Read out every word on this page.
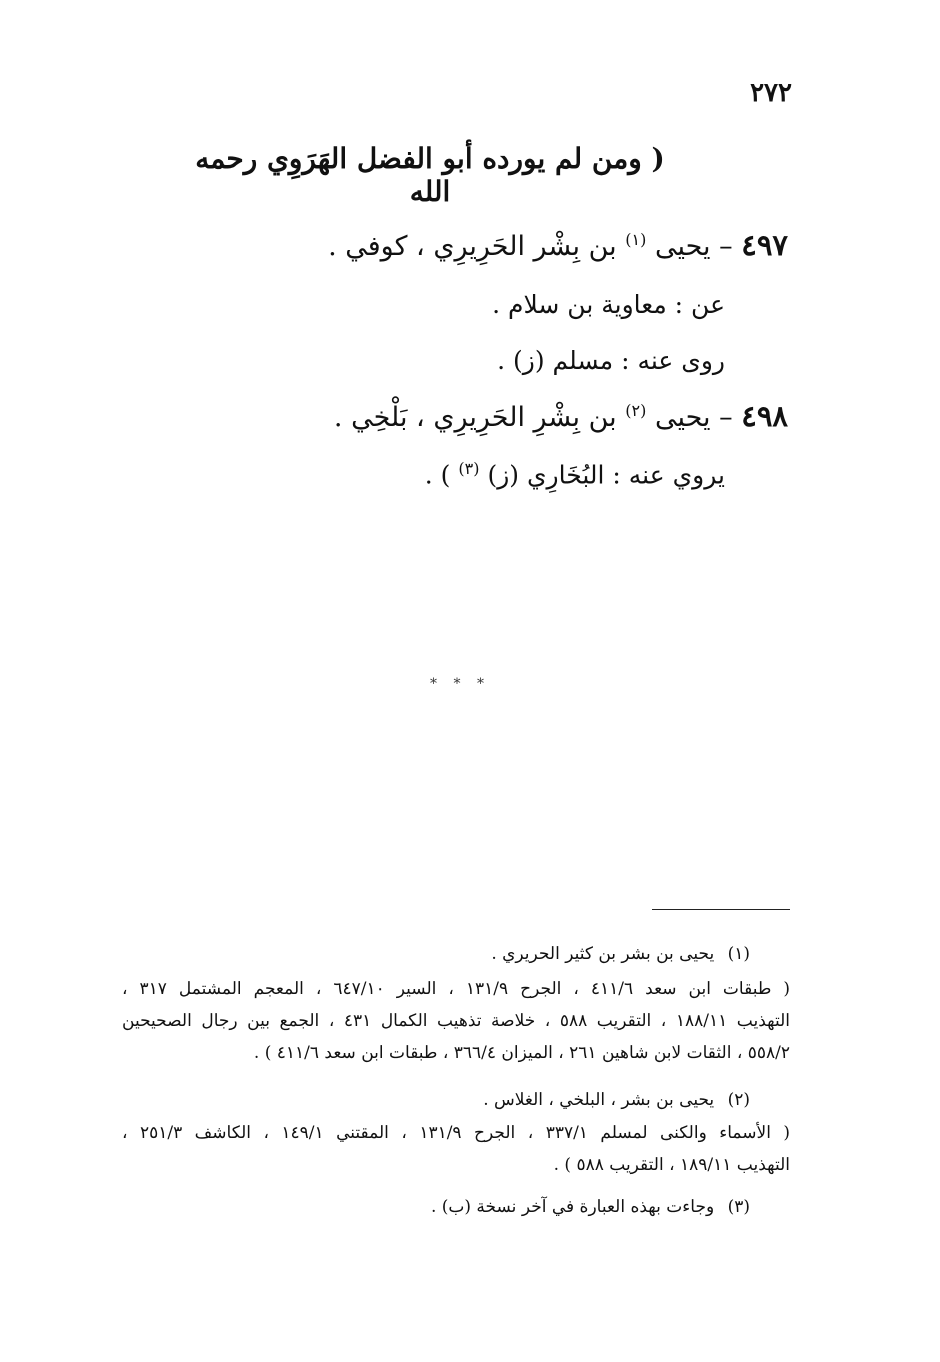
٢٧٢
( ومن لم يورده أبو الفضل الهَرَوِي رحمه الله
٤٩٧ – يحيى $^{(١)}$ بن بِشْر الحَرِيرِي ، كوفي .
عن : معاوية بن سلام .
روى عنه : مسلم (ز) .
٤٩٨ – يحيى $^{(٢)}$ بن بِشْرِ الحَرِيرِي ، بَلْخِي .
يروي عنه : البُخَارِي (ز) $^{(٣)}$ ) .
* * *
(١) يحيى بن بشر بن كثير الحريري .
( طبقات ابن سعد ٤١١/٦ ، الجرح ١٣١/٩ ، السير ٦٤٧/١٠ ، المعجم المشتمل ٣١٧ ،
التهذيب ١٨٨/١١ ، التقريب ٥٨٨ ، خلاصة تذهيب الكمال ٤٣١ ، الجمع بين رجال الصحيحين
٥٥٨/٢ ، الثقات لابن شاهين ٢٦١ ، الميزان ٣٦٦/٤ ، طبقات ابن سعد ٤١١/٦ ) .
(٢) يحيى بن بشر ، البلخي ، الغلاس .
( الأسماء والكنى لمسلم ٣٣٧/١ ، الجرح ١٣١/٩ ، المقتني ١٤٩/١ ، الكاشف ٢٥١/٣ ،
التهذيب ١٨٩/١١ ، التقريب ٥٨٨ ) .
(٣) وجاءت بهذه العبارة في آخر نسخة (ب) .
